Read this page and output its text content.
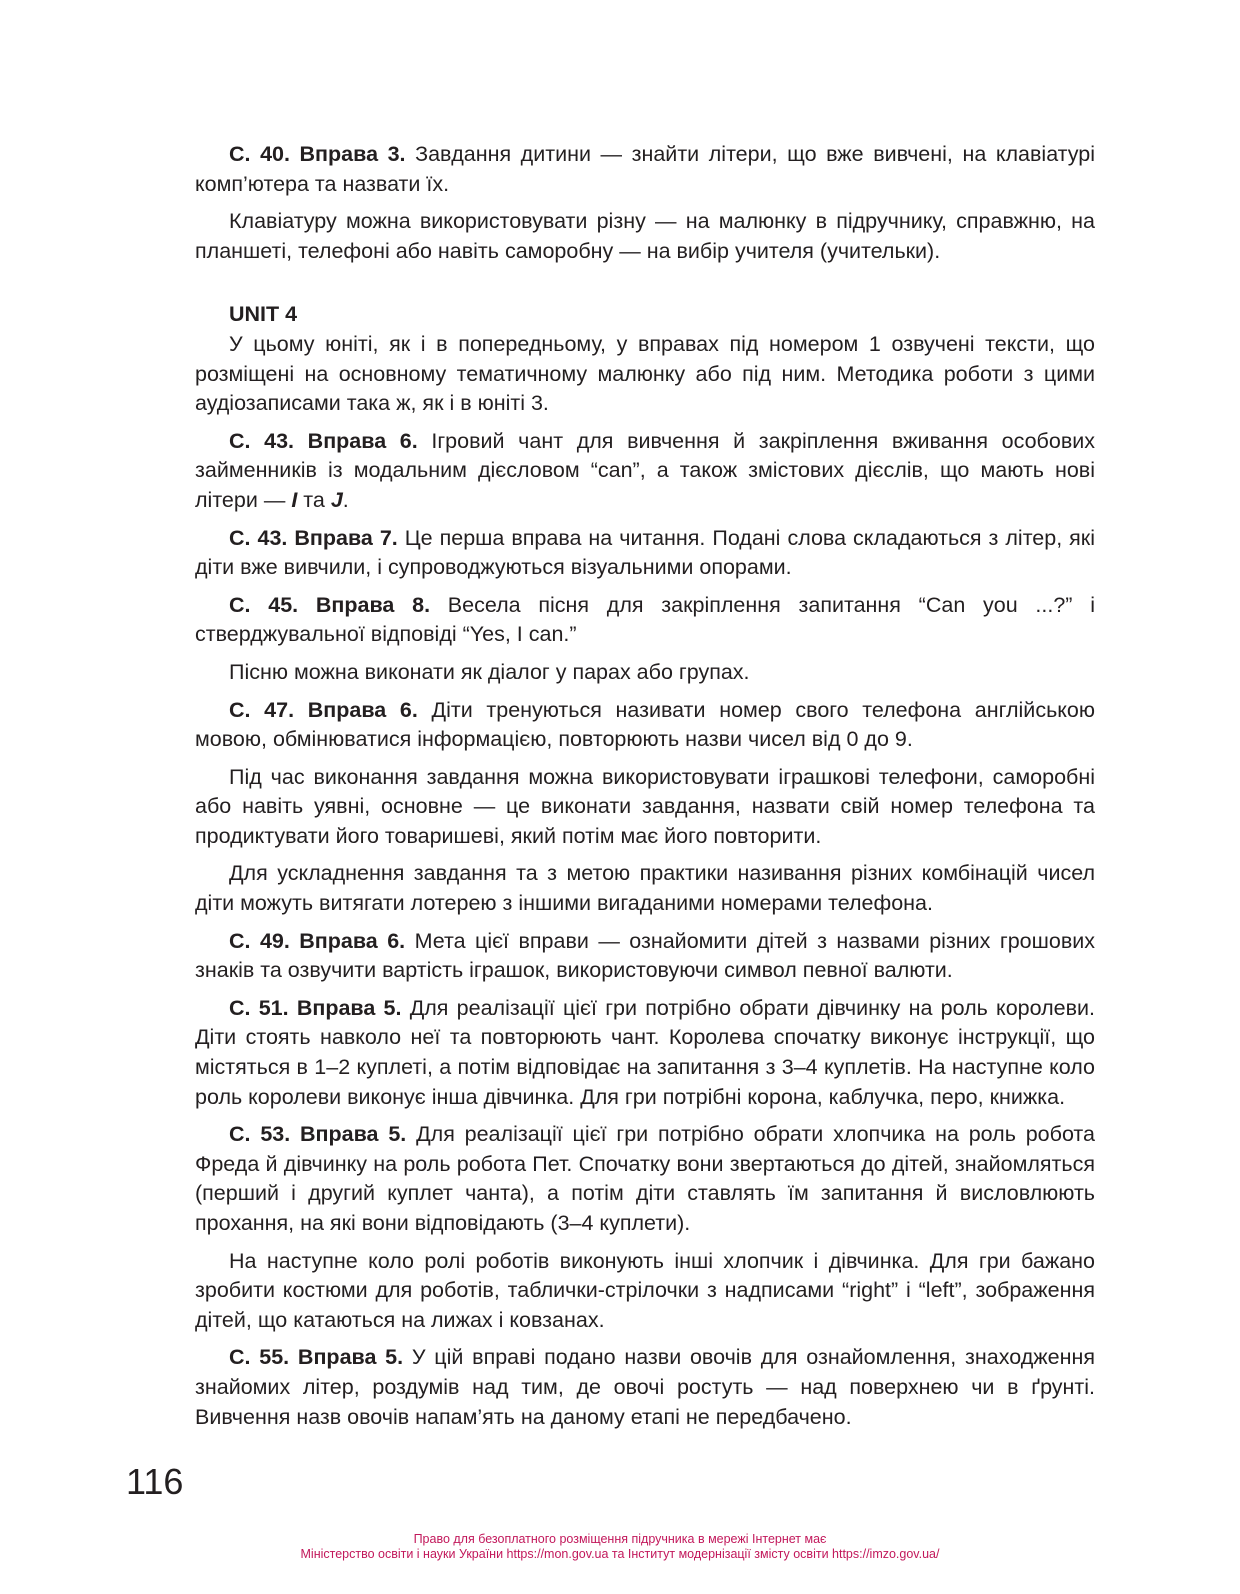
С. 40. Вправа 3. Завдання дитини — знайти літери, що вже вивчені, на клавіатурі комп’ютера та назвати їх.

Клавіатуру можна використовувати різну — на малюнку в підручнику, справжню, на планшеті, телефоні або навіть саморобну — на вибір учителя (учительки).

UNIT 4

У цьому юніті, як і в попередньому, у вправах під номером 1 озвучені тексти, що розміщені на основному тематичному малюнку або під ним. Методика роботи з цими аудіозаписами така ж, як і в юніті 3.

С. 43. Вправа 6. Ігровий чант для вивчення й закріплення вживання особових займенників із модальним дієсловом “can”, а також змістових дієслів, що мають нові літери — I та J.

С. 43. Вправа 7. Це перша вправа на читання. Подані слова складаються з літер, які діти вже вивчили, і супроводжуються візуальними опорами.

С. 45. Вправа 8. Весела пісня для закріплення запитання “Can you ...?” і стверджувальної відповіді “Yes, I can.”

Пісню можна виконати як діалог у парах або групах.

С. 47. Вправа 6. Діти тренуються називати номер свого телефона англійською мовою, обмінюватися інформацією, повторюють назви чисел від 0 до 9.

Під час виконання завдання можна використовувати іграшкові телефони, саморобні або навіть уявні, основне — це виконати завдання, назвати свій номер телефона та продиктувати його товаришеві, який потім має його повторити.

Для ускладнення завдання та з метою практики називання різних комбінацій чисел діти можуть витягати лотерею з іншими вигаданими номерами телефона.

С. 49. Вправа 6. Мета цієї вправи — ознайомити дітей з назвами різних грошових знаків та озвучити вартість іграшок, використовуючи символ певної валюти.

С. 51. Вправа 5. Для реалізації цієї гри потрібно обрати дівчинку на роль королеви. Діти стоять навколо неї та повторюють чант. Королева спочатку виконує інструкції, що містяться в 1–2 куплеті, а потім відповідає на запитання з 3–4 куплетів. На наступне коло роль королеви виконує інша дівчинка. Для гри потрібні корона, каблучка, перо, книжка.

С. 53. Вправа 5. Для реалізації цієї гри потрібно обрати хлопчика на роль робота Фреда й дівчинку на роль робота Пет. Спочатку вони звертаються до дітей, знайомляться (перший і другий куплет чанта), а потім діти ставлять їм запитання й висловлюють прохання, на які вони відповідають (3–4 куплети).

На наступне коло ролі роботів виконують інші хлопчик і дівчинка. Для гри бажано зробити костюми для роботів, таблички-стрілочки з надписами “right” і “left”, зображення дітей, що катаються на лижах і ковзанах.

С. 55. Вправа 5. У цій вправі подано назви овочів для ознайомлення, знаходження знайомих літер, роздумів над тим, де овочі ростуть — над поверхнею чи в ґрунті. Вивчення назв овочів напам’ять на даному етапі не передбачено.

116
Право для безоплатного розміщення підручника в мережі Інтернет має
Міністерство освіти і науки України https://mon.gov.ua та Інститут модернізації змісту освіти https://imzo.gov.ua/
